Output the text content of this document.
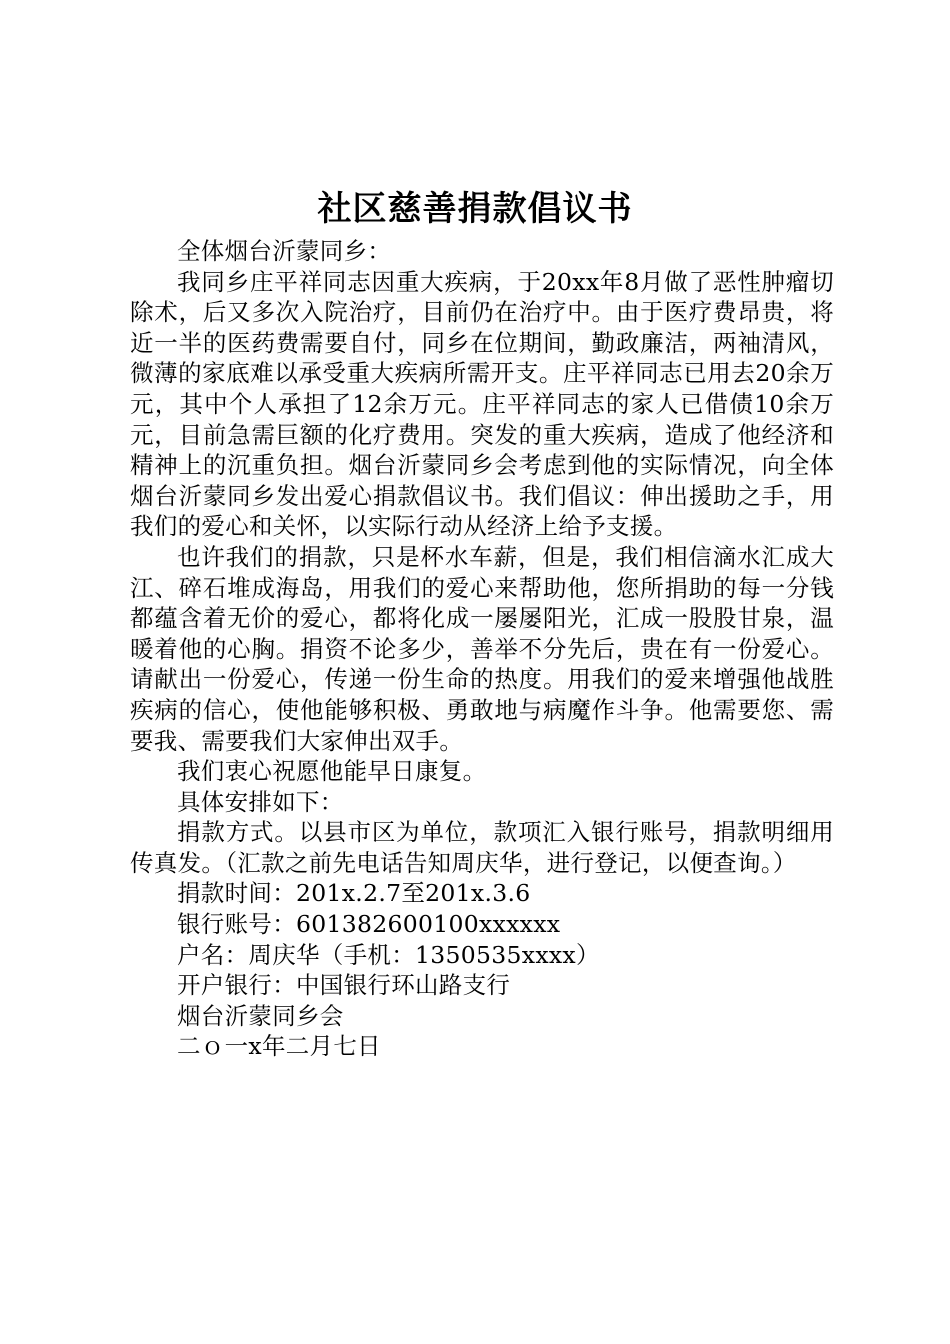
社区慈善捐款倡议书

全体烟台沂蒙同乡：

我同乡庄平祥同志因重大疾病，于20xx年8月做了恶性肿瘤切除术，后又多次入院治疗，目前仍在治疗中。由于医疗费昂贵，将近一半的医药费需要自付，同乡在位期间，勤政廉洁，两袖清风，微薄的家底难以承受重大疾病所需开支。庄平祥同志已用去20余万元，其中个人承担了12余万元。庄平祥同志的家人已借债10余万元，目前急需巨额的化疗费用。突发的重大疾病，造成了他经济和精神上的沉重负担。烟台沂蒙同乡会考虑到他的实际情况，向全体烟台沂蒙同乡发出爱心捐款倡议书。我们倡议：伸出援助之手，用我们的爱心和关怀，以实际行动从经济上给予支援。

也许我们的捐款，只是杯水车薪，但是，我们相信滴水汇成大江、碎石堆成海岛，用我们的爱心来帮助他，您所捐助的每一分钱都蕴含着无价的爱心，都将化成一屡屡阳光，汇成一股股甘泉，温暖着他的心胸。捐资不论多少，善举不分先后，贵在有一份爱心。请献出一份爱心，传递一份生命的热度。用我们的爱来增强他战胜疾病的信心，使他能够积极、勇敢地与病魔作斗争。他需要您、需要我、需要我们大家伸出双手。

我们衷心祝愿他能早日康复。

具体安排如下：

捐款方式。以县市区为单位，款项汇入银行账号，捐款明细用传真发。（汇款之前先电话告知周庆华，进行登记，以便查询。）

捐款时间：201x.2.7至201x.3.6

银行账号：601382600100xxxxxx

户名：周庆华（手机：1350535xxxx）

开户银行：中国银行环山路支行

烟台沂蒙同乡会

二ｏ一x年二月七日
